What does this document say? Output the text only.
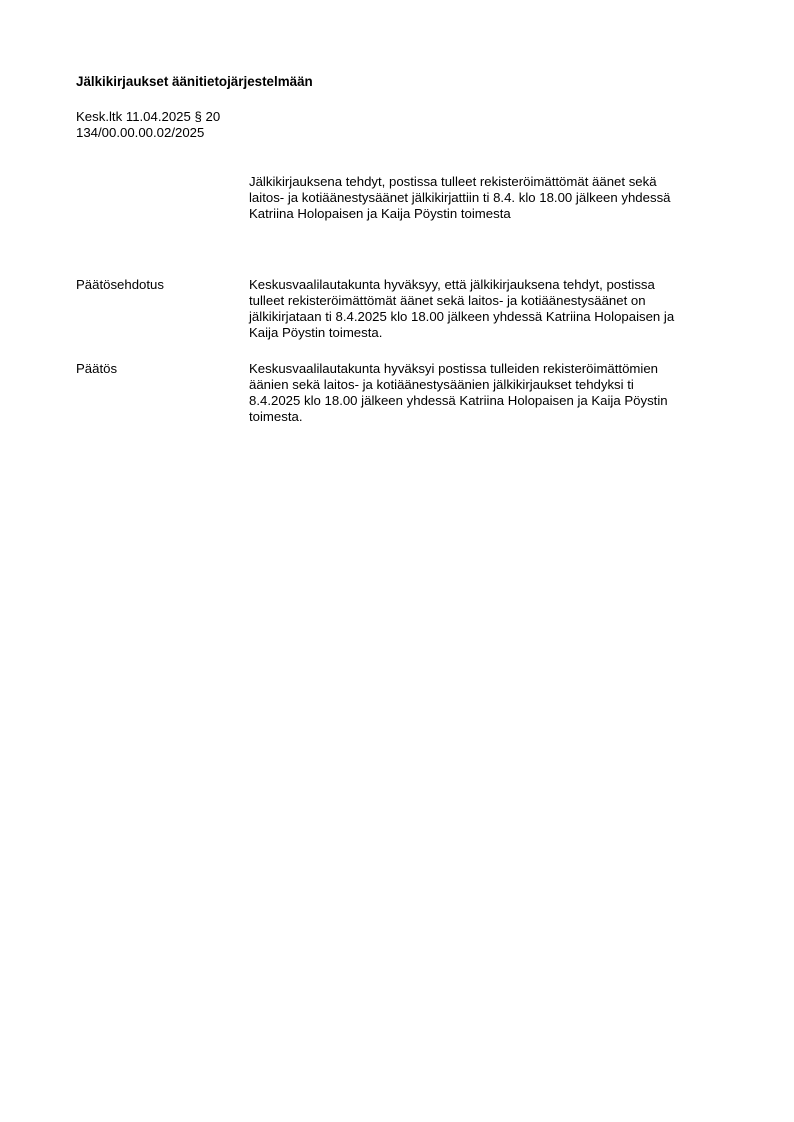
Jälkikirjaukset äänitietojärjestelmään
Kesk.ltk 11.04.2025 § 20
134/00.00.00.02/2025
Jälkikirjauksena tehdyt, postissa tulleet rekisteröimättömät äänet sekä
laitos- ja kotiäänestysäänet jälkikirjattiin ti 8.4. klo 18.00 jälkeen yhdessä
Katriina Holopaisen ja Kaija Pöystin toimesta
Päätösehdotus	Keskusvaalilautakunta hyväksyy, että jälkikirjauksena tehdyt, postissa
tulleet rekisteröimättömät äänet sekä laitos- ja kotiäänestysäänet on
jälkikirjataan ti 8.4.2025 klo 18.00 jälkeen yhdessä Katriina Holopaisen ja
Kaija Pöystin toimesta.
Päätös	Keskusvaalilautakunta hyväksyi postissa tulleiden rekisteröimättömien
äänien sekä laitos- ja kotiäänestysäänien jälkikirjaukset tehdyksi ti
8.4.2025 klo 18.00 jälkeen yhdessä Katriina Holopaisen ja Kaija Pöystin
toimesta.
